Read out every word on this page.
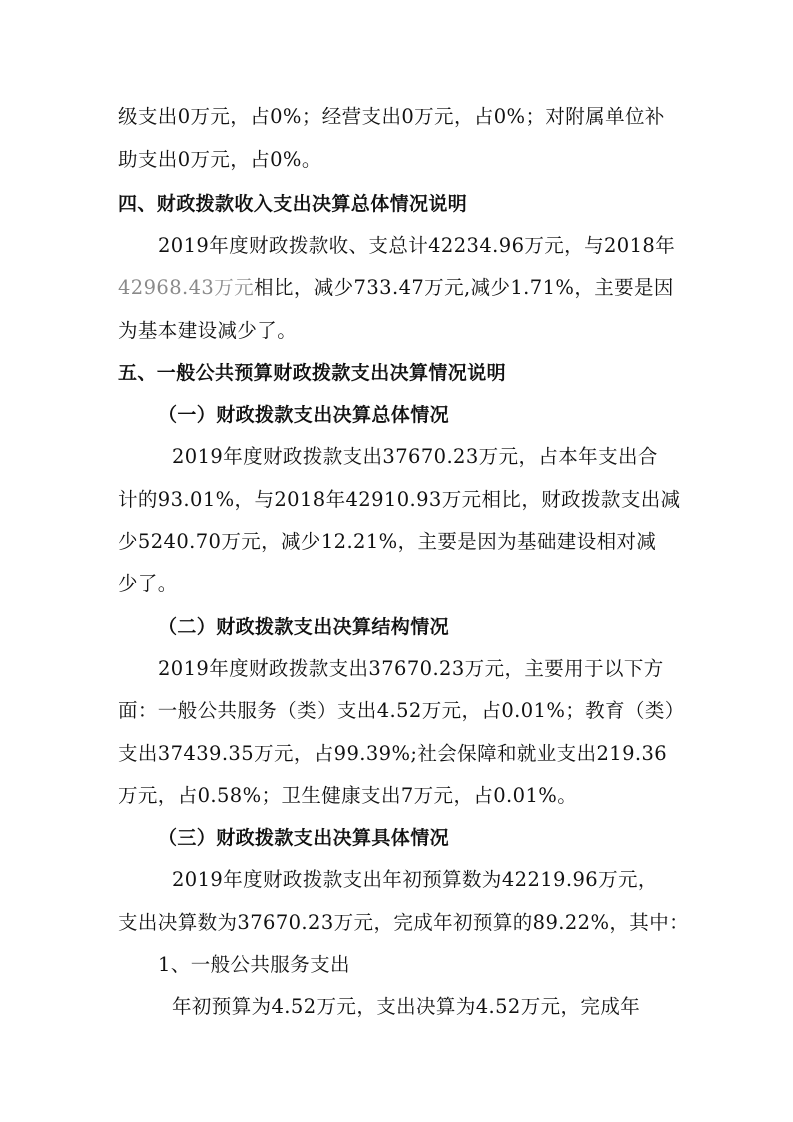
级支出0万元，占0%；经营支出0万元，占0%；对附属单位补
助支出0万元，占0%。
四、财政拨款收入支出决算总体情况说明
2019年度财政拨款收、支总计42234.96万元，与2018年
42968.43万元相比，减少733.47万元,减少1.71%，主要是因
为基本建设减少了。
五、一般公共预算财政拨款支出决算情况说明
（一）财政拨款支出决算总体情况
2019年度财政拨款支出37670.23万元，占本年支出合
计的93.01%，与2018年42910.93万元相比，财政拨款支出减
少5240.70万元，减少12.21%，主要是因为基础建设相对减
少了。
（二）财政拨款支出决算结构情况
2019年度财政拨款支出37670.23万元，主要用于以下方
面：一般公共服务（类）支出4.52万元，占0.01%；教育（类）
支出37439.35万元，占99.39%;社会保障和就业支出219.36
万元，占0.58%；卫生健康支出7万元，占0.01%。
（三）财政拨款支出决算具体情况
2019年度财政拨款支出年初预算数为42219.96万元，
支出决算数为37670.23万元，完成年初预算的89.22%，其中：
1、一般公共服务支出
年初预算为4.52万元，支出决算为4.52万元，完成年
